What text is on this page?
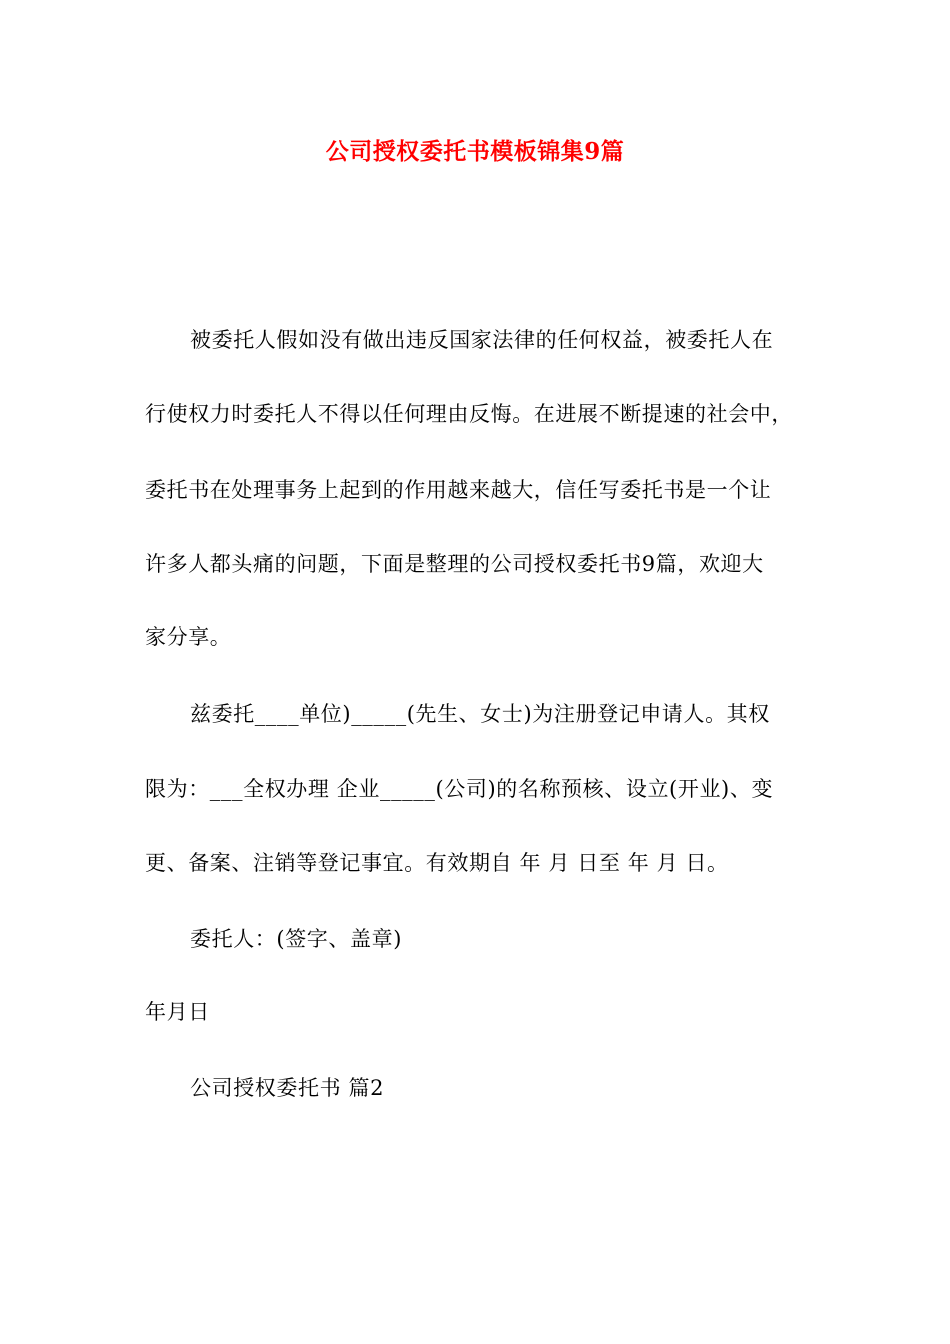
公司授权委托书模板锦集9篇
被委托人假如没有做出违反国家法律的任何权益，被委托人在
行使权力时委托人不得以任何理由反悔。在进展不断提速的社会中，
委托书在处理事务上起到的作用越来越大，信任写委托书是一个让
许多人都头痛的问题，下面是整理的公司授权委托书9篇，欢迎大
家分享。
兹委托____单位)_____(先生、女士)为注册登记申请人。其权
限为：___全权办理 企业_____(公司)的名称预核、设立(开业)、变
更、备案、注销等登记事宜。有效期自 年 月 日至 年 月 日。
委托人：(签字、盖章)
年月日
公司授权委托书 篇2
